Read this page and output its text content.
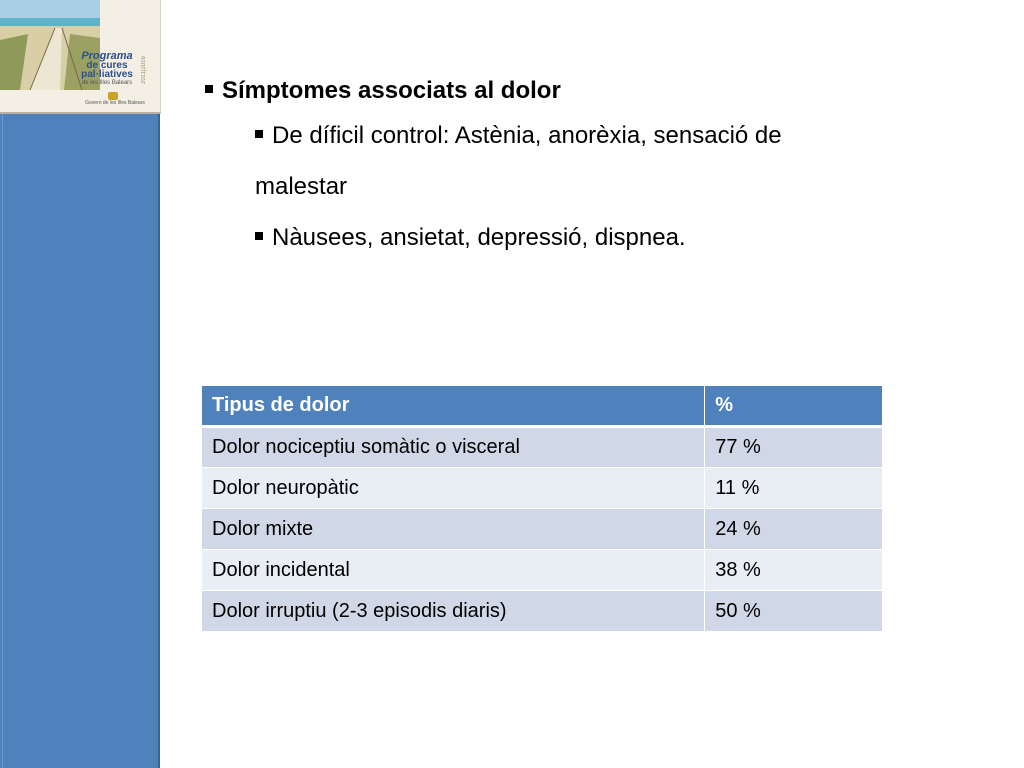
Programa
de cures pal·liatives
de les Illes Balears	2011|2016
Govern de les Illes Balears	Símptomes associats al dolor

De díficil control: Astènia, anorèxia, sensació de malestar

Nàusees, ansietat, depressió, dispnea.

Tipus de dolor	%
Dolor nociceptiu somàtic o visceral	77 %
Dolor neuropàtic	11 %
Dolor mixte	24 %
Dolor incidental	38 %
Dolor irruptiu (2-3 episodis diaris)	50 %
